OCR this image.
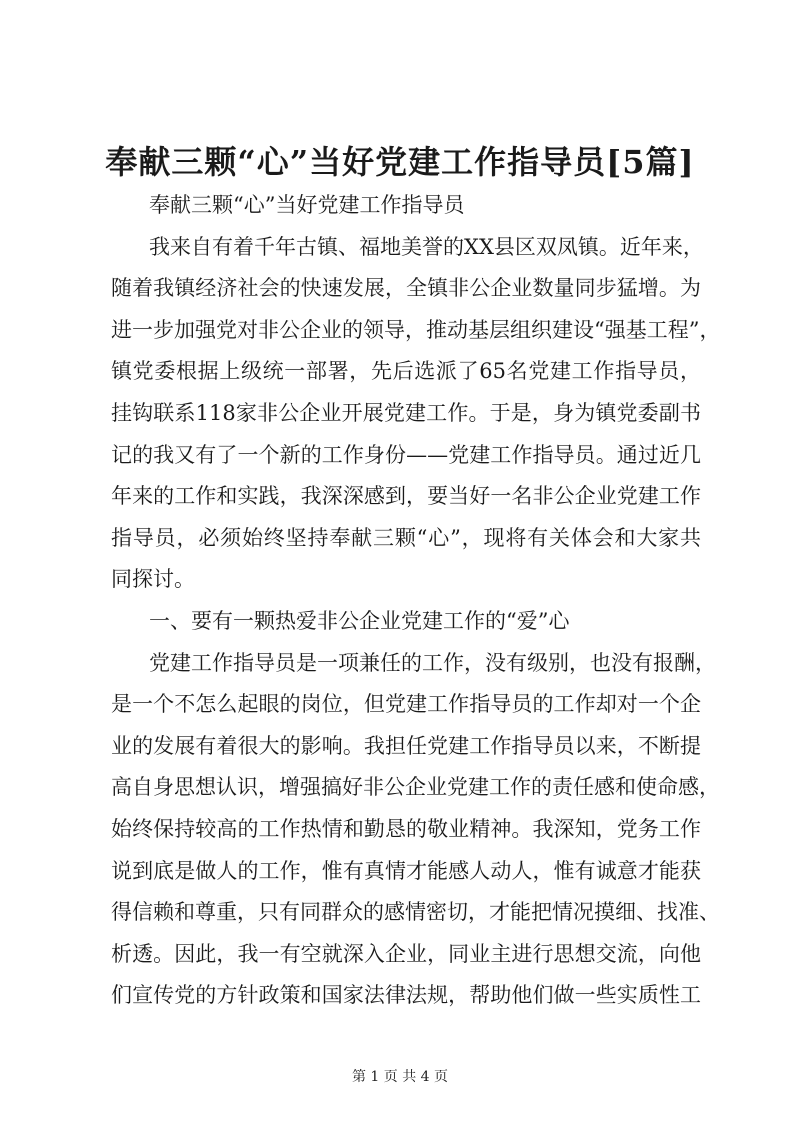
奉献三颗“心”当好党建工作指导员[5篇]
奉献三颗“心”当好党建工作指导员
我来自有着千年古镇、福地美誉的XX县区双凤镇。近年来，
随着我镇经济社会的快速发展，全镇非公企业数量同步猛增。为
进一步加强党对非公企业的领导，推动基层组织建设“强基工程”，
镇党委根据上级统一部署，先后选派了65名党建工作指导员，
挂钩联系118家非公企业开展党建工作。于是，身为镇党委副书
记的我又有了一个新的工作身份——党建工作指导员。通过近几
年来的工作和实践，我深深感到，要当好一名非公企业党建工作
指导员，必须始终坚持奉献三颗“心”，现将有关体会和大家共
同探讨。
一、要有一颗热爱非公企业党建工作的“爱”心
党建工作指导员是一项兼任的工作，没有级别，也没有报酬，
是一个不怎么起眼的岗位，但党建工作指导员的工作却对一个企
业的发展有着很大的影响。我担任党建工作指导员以来，不断提
高自身思想认识，增强搞好非公企业党建工作的责任感和使命感，
始终保持较高的工作热情和勤恳的敬业精神。我深知，党务工作
说到底是做人的工作，惟有真情才能感人动人，惟有诚意才能获
得信赖和尊重，只有同群众的感情密切，才能把情况摸细、找准、
析透。因此，我一有空就深入企业，同业主进行思想交流，向他
们宣传党的方针政策和国家法律法规，帮助他们做一些实质性工
第 1 页 共 4 页
